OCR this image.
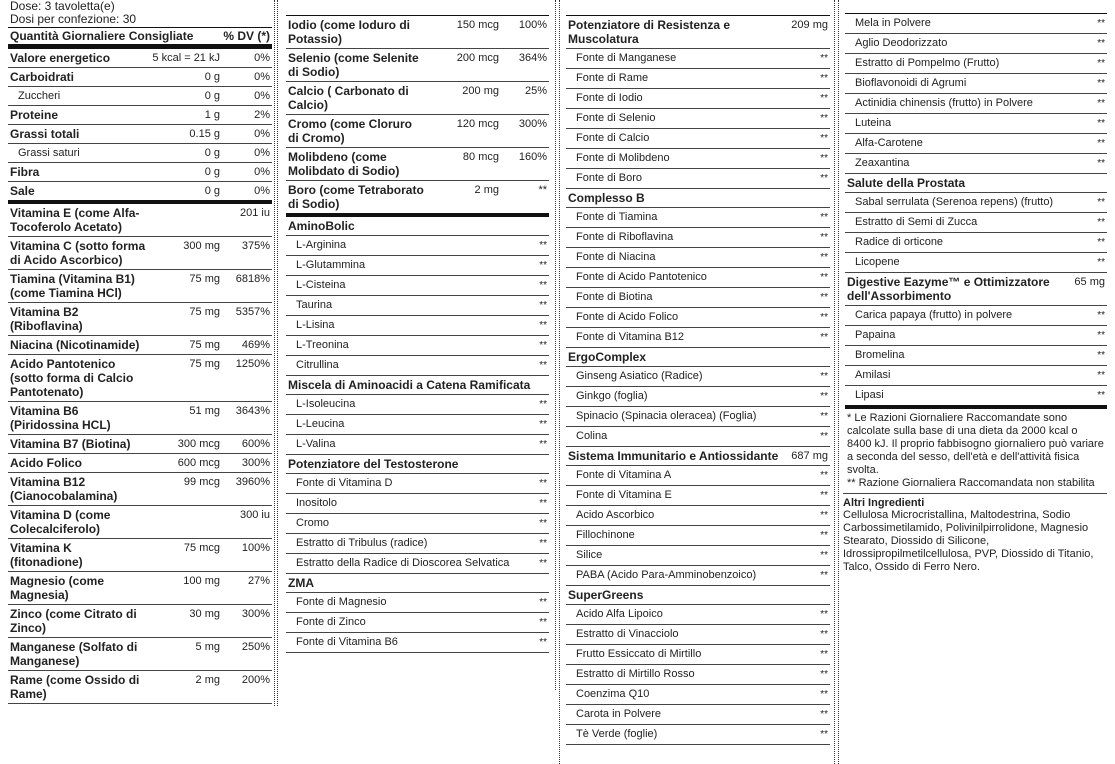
Dose: 3 tavoletta(e)
Dosi per confezione: 30
Quantità Giornaliere Consigliate % DV (*)
Valore energetico	5 kcal = 21 kJ	0%
Carboidrati	0 g	0%
Zuccheri	0 g	0%
Proteine	1 g	2%
Grassi totali	0.15 g	0%
Grassi saturi	0 g	0%
Fibra	0 g	0%
Sale	0 g	0%
Vitamina E (come Alfa-Tocoferolo Acetato)
201 iu
Vitamina C (sotto forma di Acido Ascorbico)
300 mg	375%
Tiamina (Vitamina B1) (come Tiamina HCl)
75 mg	6818%
Vitamina B2 (Riboflavina)
75 mg	5357%
Niacina (Nicotinamide)	75 mg	469%
Acido Pantotenico (sotto forma di Calcio Pantotenato)
75 mg	1250%
Vitamina B6 (Piridossina HCL)
51 mg	3643%
Vitamina B7 (Biotina)	300 mcg	600%
Acido Folico	600 mcg	300%
Vitamina B12 (Cianocobalamina)
99 mcg	3960%
Vitamina D (come Colecalciferolo)
300 iu
Vitamina K (fitonadione)
75 mcg	100%
Magnesio (come Magnesia)
100 mg	27%
Zinco (come Citrato di Zinco)
30 mg	300%
Manganese (Solfato di Manganese)
5 mg	250%
Rame (come Ossido di Rame)
2 mg	200%
Iodio (come Ioduro di Potassio)
150 mcg	100%
Selenio (come Selenite di Sodio)
200 mcg	364%
Calcio ( Carbonato di Calcio)
200 mg	25%
Cromo (come Cloruro di Cromo)
120 mcg	300%
Molibdeno (come Molibdato di Sodio)
80 mcg	160%
Boro (come Tetraborato di Sodio)
2 mg	**
AminoBolic
L-Arginina	**
L-Glutammina	**
L-Cisteina	**
Taurina	**
L-Lisina	**
L-Treonina	**
Citrullina	**
Miscela di Aminoacidi a Catena Ramificata
L-Isoleucina	**
L-Leucina	**
L-Valina	**
Potenziatore del Testosterone
Fonte di Vitamina D	**
Inositolo	**
Cromo	**
Estratto di Tribulus (radice)	**
Estratto della Radice di Dioscorea Selvatica	**
ZMA
Fonte di Magnesio	**
Fonte di Zinco	**
Fonte di Vitamina B6	**
Potenziatore di Resistenza e Muscolatura
209 mg
Fonte di Manganese	**
Fonte di Rame	**
Fonte di Iodio	**
Fonte di Selenio	**
Fonte di Calcio	**
Fonte di Molibdeno	**
Fonte di Boro	**
Complesso B
Fonte di Tiamina	**
Fonte di Riboflavina	**
Fonte di Niacina	**
Fonte di Acido Pantotenico	**
Fonte di Biotina	**
Fonte di Acido Folico	**
Fonte di Vitamina B12	**
ErgoComplex
Ginseng Asiatico (Radice)	**
Ginkgo (foglia)	**
Spinacio (Spinacia oleracea) (Foglia)	**
Colina	**
Sistema Immunitario e Antiossidante 687 mg
Fonte di Vitamina A	**
Fonte di Vitamina E	**
Acido Ascorbico	**
Fillochinone	**
Silice	**
PABA (Acido Para-Amminobenzoico)	**
SuperGreens
Acido Alfa Lipoico	**
Estratto di Vinacciolo	**
Frutto Essiccato di Mirtillo	**
Estratto di Mirtillo Rosso	**
Coenzima Q10	**
Carota in Polvere	**
Tè Verde (foglie)	**
Mela in Polvere	**
Aglio Deodorizzato	**
Estratto di Pompelmo (Frutto)	**
Bioflavonoidi di Agrumi	**
Actinidia chinensis (frutto) in Polvere	**
Luteina	**
Alfa-Carotene	**
Zeaxantina	**
Salute della Prostata
Sabal serrulata (Serenoa repens) (frutto)	**
Estratto di Semi di Zucca	**
Radice di orticone	**
Licopene	**
Digestive Eazyme™ e Ottimizzatore dell'Assorbimento
65 mg
Carica papaya (frutto) in polvere	**
Papaina	**
Bromelina	**
Amilasi	**
Lipasi	**
* Le Razioni Giornaliere Raccomandate sono calcolate sulla base di una dieta da 2000 kcal o 8400 kJ. Il proprio fabbisogno giornaliero può variare a seconda del sesso, dell'età e dell'attività fisica svolta.
** Razione Giornaliera Raccomandata non stabilita
Altri Ingredienti
Cellulosa Microcristallina, Maltodestrina, Sodio Carbossimetilamido, Polivinilpirrolidone, Magnesio Stearato, Diossido di Silicone, Idrossipropilmetilcellulosa, PVP, Diossido di Titanio, Talco, Ossido di Ferro Nero.
